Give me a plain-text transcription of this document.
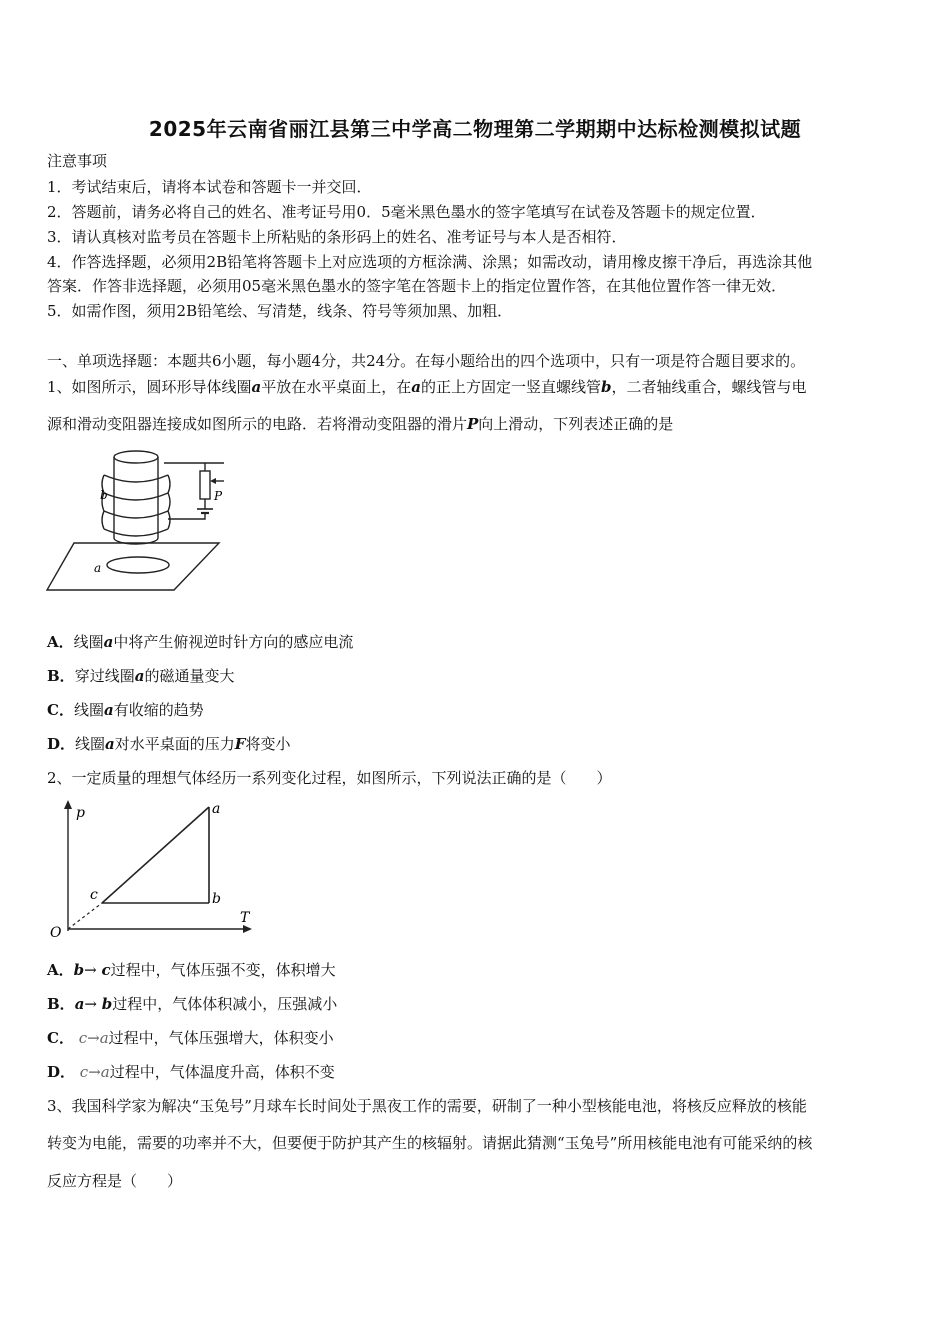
2025年云南省丽江县第三中学高二物理第二学期期中达标检测模拟试题
注意事项
1．考试结束后，请将本试卷和答题卡一并交回．
2．答题前，请务必将自己的姓名、准考证号用0．5毫米黑色墨水的签字笔填写在试卷及答题卡的规定位置．
3．请认真核对监考员在答题卡上所粘贴的条形码上的姓名、准考证号与本人是否相符．
4．作答选择题，必须用2B铅笔将答题卡上对应选项的方框涂满、涂黑；如需改动，请用橡皮擦干净后，再选涂其他
答案．作答非选择题，必须用05毫米黑色墨水的签字笔在答题卡上的指定位置作答，在其他位置作答一律无效．
5．如需作图，须用2B铅笔绘、写清楚，线条、符号等须加黑、加粗．
一、单项选择题：本题共6小题，每小题4分，共24分。在每小题给出的四个选项中，只有一项是符合题目要求的。
1、如图所示，圆环形导体线圈a平放在水平桌面上，在a的正上方固定一竖直螺线管b，二者轴线重合，螺线管与电
源和滑动变阻器连接成如图所示的电路．若将滑动变阻器的滑片P向上滑动，下列表述正确的是
a
b	P
A．线圈a中将产生俯视逆时针方向的感应电流
B．穿过线圈a的磁通量变大
C．线圈a有收缩的趋势
D．线圈a对水平桌面的压力F将变小
2、一定质量的理想气体经历一系列变化过程，如图所示，下列说法正确的是（　　）
p
T
O
a
b
c
A．b→ c过程中，气体压强不变，体积增大
B．a→ b过程中，气体体积减小，压强减小
C． c→a过程中，气体压强增大，体积变小
D． c→a过程中，气体温度升高，体积不变
3、我国科学家为解决“玉兔号”月球车长时间处于黑夜工作的需要，研制了一种小型核能电池，将核反应释放的核能
转变为电能，需要的功率并不大，但要便于防护其产生的核辐射。请据此猜测“玉兔号”所用核能电池有可能采纳的核
反应方程是（　　）
